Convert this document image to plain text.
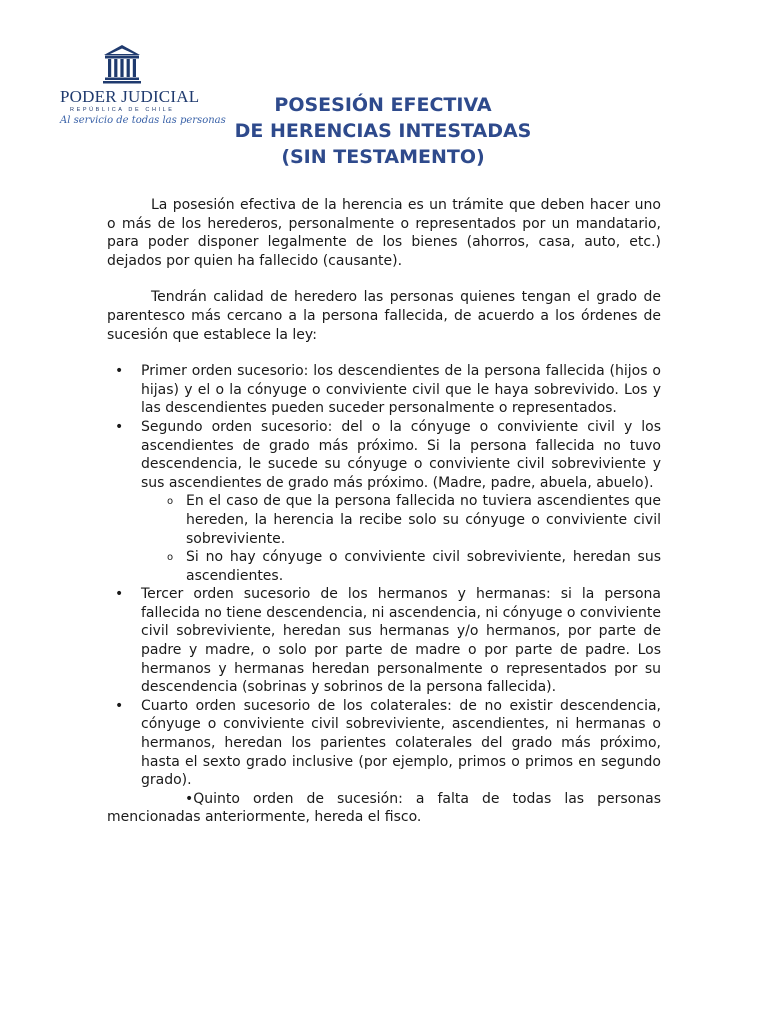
PODER JUDICIAL
REPÚBLICA DE CHILE
Al servicio de todas las personas
POSESIÓN EFECTIVA
DE HERENCIAS INTESTADAS
(SIN TESTAMENTO)

La posesión efectiva de la herencia es un trámite que deben hacer uno o más de los herederos, personalmente o representados por un mandatario, para poder disponer legalmente de los bienes (ahorros, casa, auto, etc.) dejados por quien ha fallecido (causante).

Tendrán calidad de heredero las personas quienes tengan el grado de parentesco más cercano a la persona fallecida, de acuerdo a los órdenes de sucesión que establece la ley:

• Primer orden sucesorio: los descendientes de la persona fallecida (hijos o hijas) y el o la cónyuge o conviviente civil que le haya sobrevivido. Los y las descendientes pueden suceder personalmente o representados.
• Segundo orden sucesorio: del o la cónyuge o conviviente civil y los ascendientes de grado más próximo. Si la persona fallecida no tuvo descendencia, le sucede su cónyuge o conviviente civil sobreviviente y sus ascendientes de grado más próximo. (Madre, padre, abuela, abuelo).
o En el caso de que la persona fallecida no tuviera ascendientes que hereden, la herencia la recibe solo su cónyuge o conviviente civil sobreviviente.
o Si no hay cónyuge o conviviente civil sobreviviente, heredan sus ascendientes.
• Tercer orden sucesorio de los hermanos y hermanas: si la persona fallecida no tiene descendencia, ni ascendencia, ni cónyuge o conviviente civil sobreviviente, heredan sus hermanas y/o hermanos, por parte de padre y madre, o solo por parte de madre o por parte de padre. Los hermanos y hermanas heredan personalmente o representados por su descendencia (sobrinas y sobrinos de la persona fallecida).
• Cuarto orden sucesorio de los colaterales: de no existir descendencia, cónyuge o conviviente civil sobreviviente, ascendientes, ni hermanas o hermanos, heredan los parientes colaterales del grado más próximo, hasta el sexto grado inclusive (por ejemplo, primos o primos en segundo grado).

•Quinto orden de sucesión: a falta de todas las personas mencionadas anteriormente, hereda el fisco.
